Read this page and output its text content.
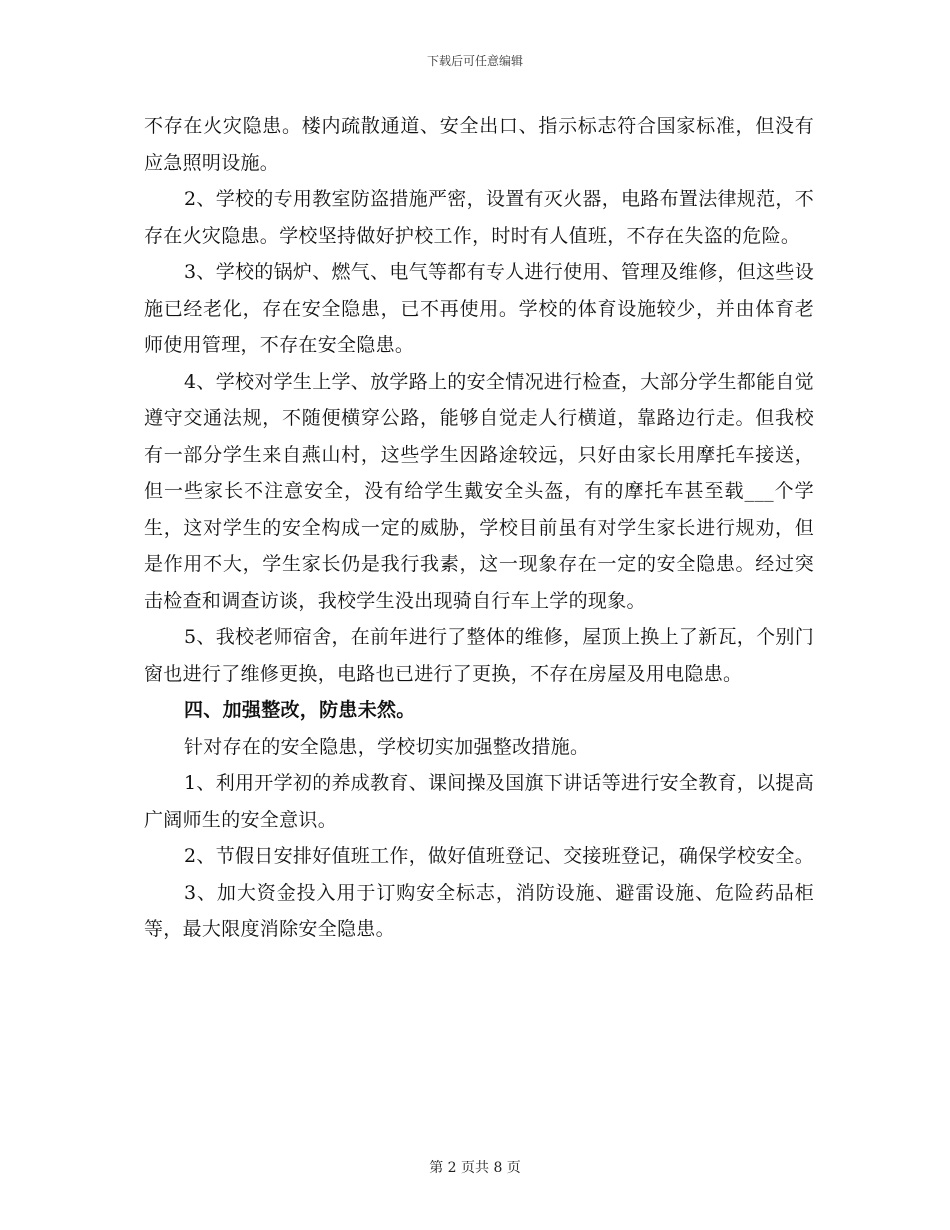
下载后可任意编辑

不存在火灾隐患。楼内疏散通道、安全出口、指示标志符合国家标准，但没有应急照明设施。

2、学校的专用教室防盗措施严密，设置有灭火器，电路布置法律规范，不存在火灾隐患。学校坚持做好护校工作，时时有人值班，不存在失盗的危险。

3、学校的锅炉、燃气、电气等都有专人进行使用、管理及维修，但这些设施已经老化，存在安全隐患，已不再使用。学校的体育设施较少，并由体育老师使用管理，不存在安全隐患。

4、学校对学生上学、放学路上的安全情况进行检查，大部分学生都能自觉遵守交通法规，不随便横穿公路，能够自觉走人行横道，靠路边行走。但我校有一部分学生来自燕山村，这些学生因路途较远，只好由家长用摩托车接送，但一些家长不注意安全，没有给学生戴安全头盔，有的摩托车甚至载___个学生，这对学生的安全构成一定的威胁，学校目前虽有对学生家长进行规劝，但是作用不大，学生家长仍是我行我素，这一现象存在一定的安全隐患。经过突击检查和调查访谈，我校学生没出现骑自行车上学的现象。

5、我校老师宿舍，在前年进行了整体的维修，屋顶上换上了新瓦，个别门窗也进行了维修更换，电路也已进行了更换，不存在房屋及用电隐患。

四、加强整改，防患未然。

针对存在的安全隐患，学校切实加强整改措施。

1、利用开学初的养成教育、课间操及国旗下讲话等进行安全教育，以提高广阔师生的安全意识。

2、节假日安排好值班工作，做好值班登记、交接班登记，确保学校安全。

3、加大资金投入用于订购安全标志，消防设施、避雷设施、危险药品柜等，最大限度消除安全隐患。

第 2 页共 8 页
